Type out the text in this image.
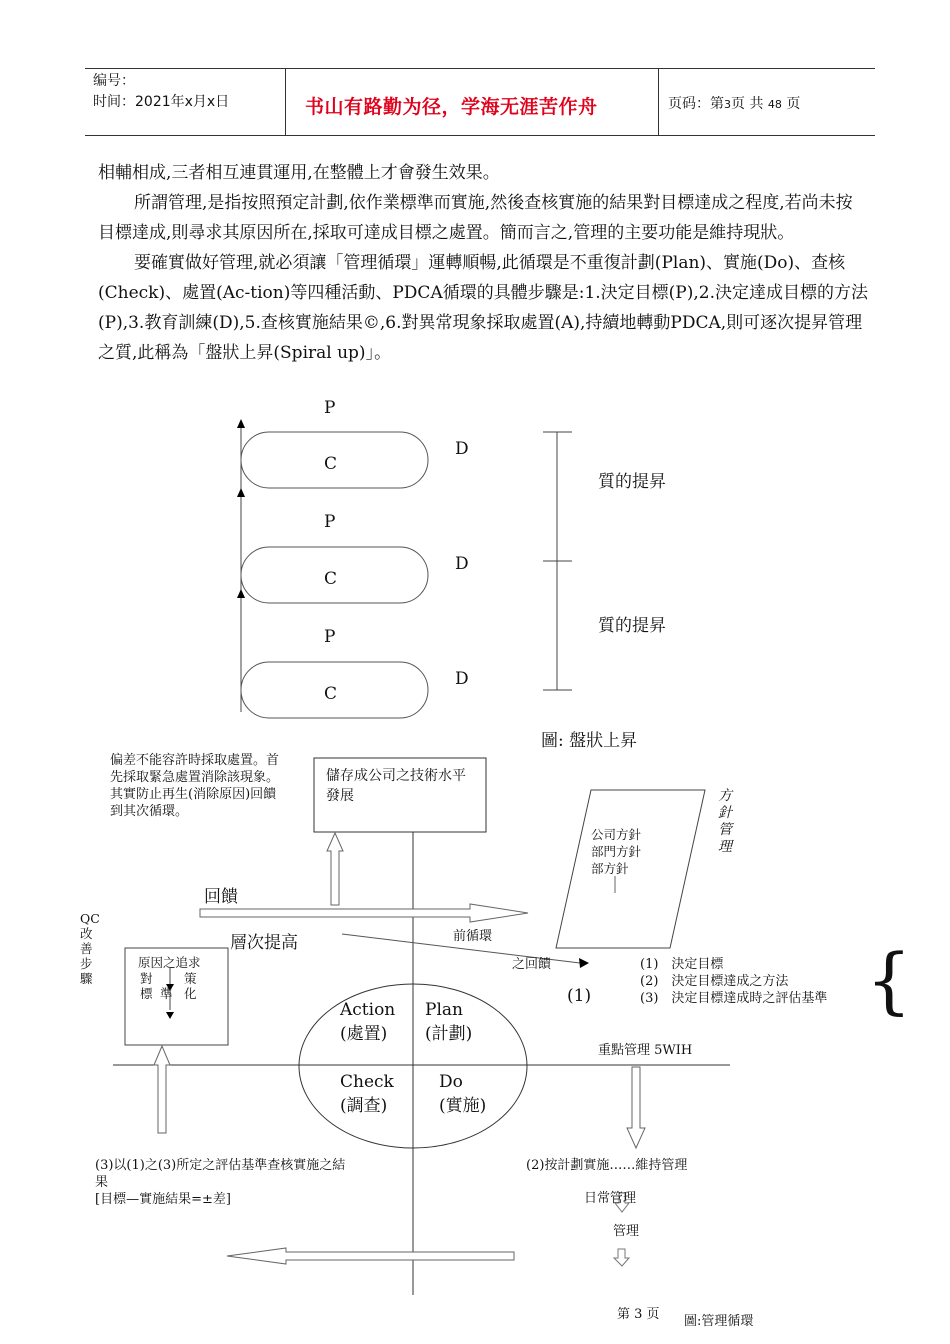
编号：
时间：2021年x月x日	书山有路勤为径，学海无涯苦作舟	页码：第3页 共 48 页

相輔相成,三者相互連貫運用,在整體上才會發生效果。

所謂管理,是指按照預定計劃,依作業標準而實施,然後查核實施的結果對目標達成之程度,若尚未按目標達成,則尋求其原因所在,採取可達成目標之處置。簡而言之,管理的主要功能是維持現狀。

要確實做好管理,就必須讓「管理循環」運轉順暢,此循環是不重復計劃(Plan)、實施(Do)、查核(Check)、處置(Ac-tion)等四種活動、PDCA循環的具體步驟是:1.決定目標(P),2.決定達成目標的方法(P),3.教育訓練(D),5.查核實施結果©,6.對異常現象採取處置(A),持續地轉動PDCA,則可逐次提昇管理之質,此稱為「盤狀上昇(Spiral up)」。

P
C
D
P
C
D
P
C
D
質的提昇
質的提昇
圖: 盤狀上昇
偏差不能容許時採取處置。首先採取緊急處置消除該現象。其實防止再生(消除原因)回饋到其次循環。
儲存成公司之技術水平發展	方針管理
公司方針
部門方針
部方針
QC改善步驟
原因之追求
對	策
標 準 化
回饋
層次提高	前循環
之回饋
(1)
(1)　決定目標
(2)　決定目標達成之方法
(3)　決定目標達成時之評估基準 {
Action
(處置)
Plan
(計劃)
Check
(調查)
Do
(實施)
重點管理 5WIH
(3)以(1)之(3)所定之評估基準查核實施之結果
[目標—實施結果=±差]
(2)按計劃實施……維持管理
日常管理
管理
第 3 页 圖:管理循環
